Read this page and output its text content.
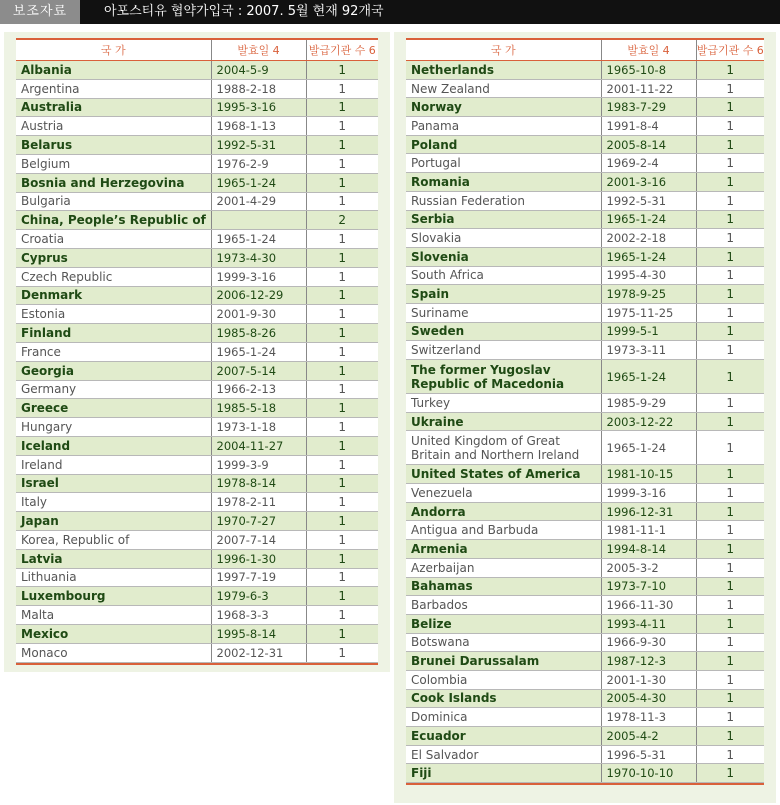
보조자료	아포스티유 협약가입국 : 2007. 5월 현재 92개국
국 가	발효일 4	발급기관 수 6
Albania	2004-5-9	1
Argentina	1988-2-18	1
Australia	1995-3-16	1
Austria	1968-1-13	1
Belarus	1992-5-31	1
Belgium	1976-2-9	1
Bosnia and Herzegovina	1965-1-24	1
Bulgaria	2001-4-29	1
China, People’s Republic of		2
Croatia	1965-1-24	1
Cyprus	1973-4-30	1
Czech Republic	1999-3-16	1
Denmark	2006-12-29	1
Estonia	2001-9-30	1
Finland	1985-8-26	1
France	1965-1-24	1
Georgia	2007-5-14	1
Germany	1966-2-13	1
Greece	1985-5-18	1
Hungary	1973-1-18	1
Iceland	2004-11-27	1
Ireland	1999-3-9	1
Israel	1978-8-14	1
Italy	1978-2-11	1
Japan	1970-7-27	1
Korea, Republic of	2007-7-14	1
Latvia	1996-1-30	1
Lithuania	1997-7-19	1
Luxembourg	1979-6-3	1
Malta	1968-3-3	1
Mexico	1995-8-14	1
Monaco	2002-12-31	1
국 가	발효일 4	발급기관 수 6
Netherlands	1965-10-8	1
New Zealand	2001-11-22	1
Norway	1983-7-29	1
Panama	1991-8-4	1
Poland	2005-8-14	1
Portugal	1969-2-4	1
Romania	2001-3-16	1
Russian Federation	1992-5-31	1
Serbia	1965-1-24	1
Slovakia	2002-2-18	1
Slovenia	1965-1-24	1
South Africa	1995-4-30	1
Spain	1978-9-25	1
Suriname	1975-11-25	1
Sweden	1999-5-1	1
Switzerland	1973-3-11	1
The former Yugoslav Republic of Macedonia	1965-1-24	1
Turkey	1985-9-29	1
Ukraine	2003-12-22	1
United Kingdom of Great Britain and Northern Ireland	1965-1-24	1
United States of America	1981-10-15	1
Venezuela	1999-3-16	1
Andorra	1996-12-31	1
Antigua and Barbuda	1981-11-1	1
Armenia	1994-8-14	1
Azerbaijan	2005-3-2	1
Bahamas	1973-7-10	1
Barbados	1966-11-30	1
Belize	1993-4-11	1
Botswana	1966-9-30	1
Brunei Darussalam	1987-12-3	1
Colombia	2001-1-30	1
Cook Islands	2005-4-30	1
Dominica	1978-11-3	1
Ecuador	2005-4-2	1
El Salvador	1996-5-31	1
Fiji	1970-10-10	1
